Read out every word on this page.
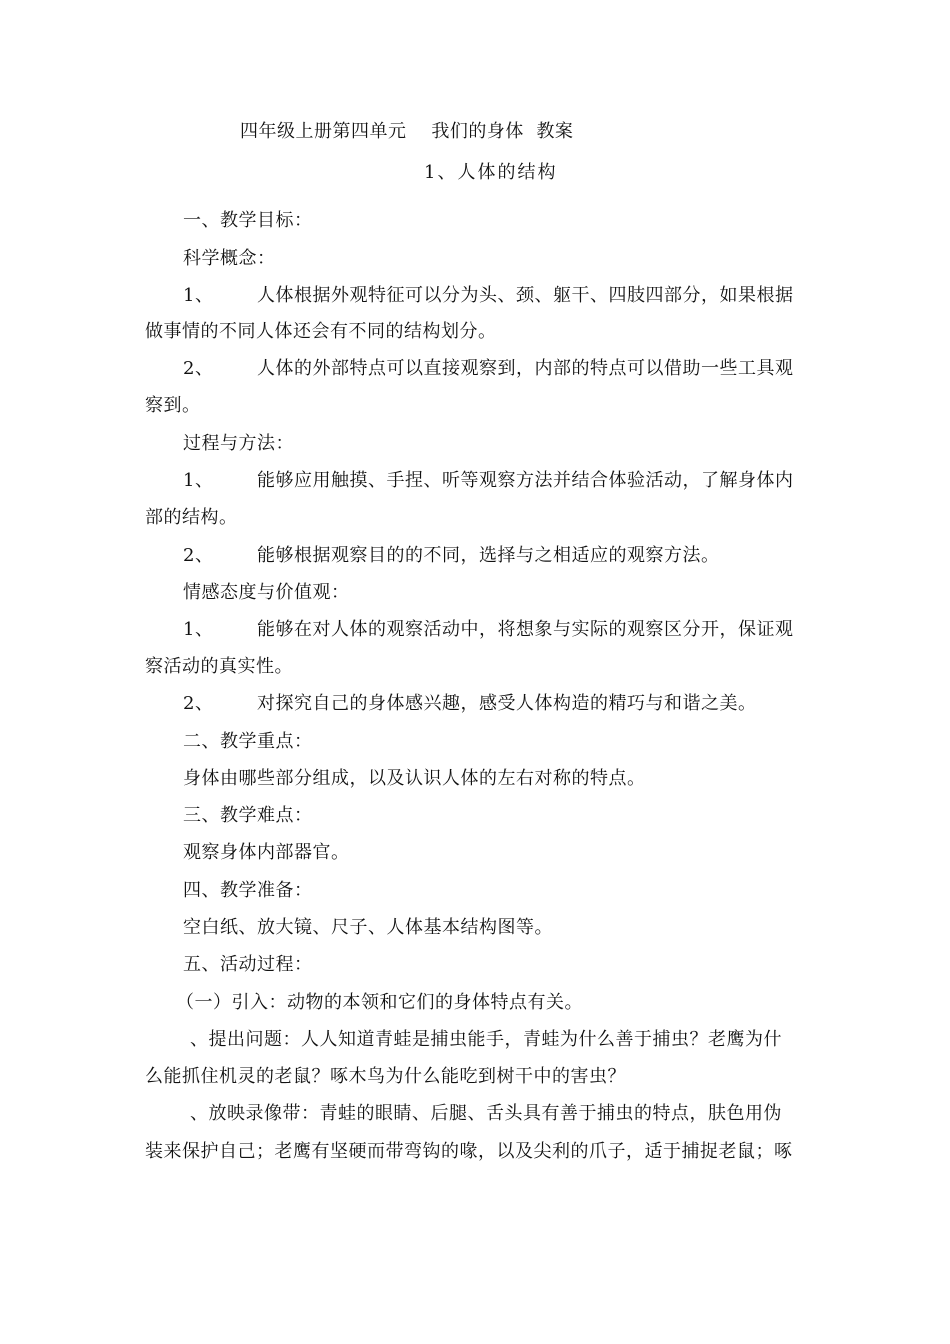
四年级上册第四单元    我们的身体  教案
1、人体的结构
一、教学目标：
科学概念：
1、       人体根据外观特征可以分为头、颈、躯干、四肢四部分，如果根据
做事情的不同人体还会有不同的结构划分。
2、       人体的外部特点可以直接观察到，内部的特点可以借助一些工具观
察到。
过程与方法：
1、       能够应用触摸、手捏、听等观察方法并结合体验活动，了解身体内
部的结构。
2、       能够根据观察目的的不同，选择与之相适应的观察方法。
情感态度与价值观：
1、       能够在对人体的观察活动中，将想象与实际的观察区分开，保证观
察活动的真实性。
2、       对探究自己的身体感兴趣，感受人体构造的精巧与和谐之美。
二、教学重点：
身体由哪些部分组成，以及认识人体的左右对称的特点。
三、教学难点：
观察身体内部器官。
四、教学准备：
空白纸、放大镜、尺子、人体基本结构图等。
五、活动过程：
（一）引入：动物的本领和它们的身体特点有关。
、提出问题：人人知道青蛙是捕虫能手，青蛙为什么善于捕虫？老鹰为什
么能抓住机灵的老鼠？啄木鸟为什么能吃到树干中的害虫？
、放映录像带：青蛙的眼睛、后腿、舌头具有善于捕虫的特点，肤色用伪
装来保护自己；老鹰有坚硬而带弯钩的喙，以及尖利的爪子，适于捕捉老鼠；啄
